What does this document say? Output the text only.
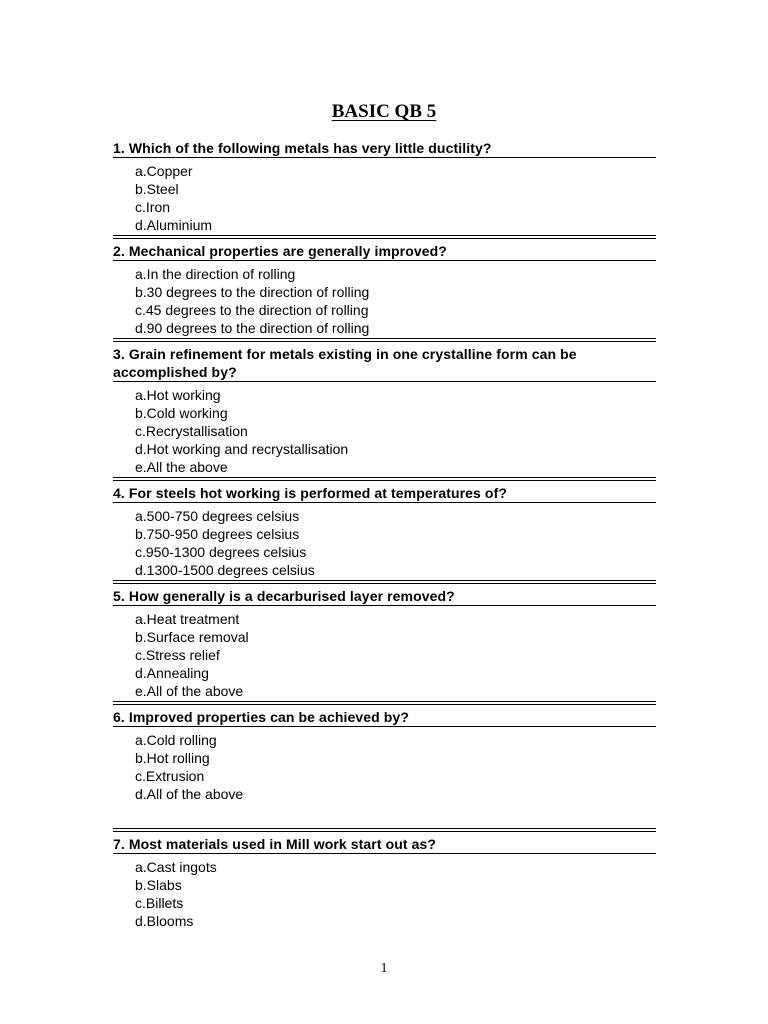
BASIC QB 5
1. Which of the following metals has very little ductility?
a.Copper
b.Steel
c.Iron
d.Aluminium
2. Mechanical properties are generally improved?
a.In the direction of rolling
b.30 degrees to the direction of rolling
c.45 degrees to the direction of rolling
d.90 degrees to the direction of rolling
3. Grain refinement for metals existing in one crystalline form can be accomplished by?
a.Hot working
b.Cold working
c.Recrystallisation
d.Hot working and recrystallisation
e.All the above
4. For steels hot working is performed at temperatures of?
a.500-750 degrees celsius
b.750-950 degrees celsius
c.950-1300 degrees celsius
d.1300-1500 degrees celsius
5. How generally is a decarburised layer removed?
a.Heat treatment
b.Surface removal
c.Stress relief
d.Annealing
e.All of the above
6. Improved properties can be achieved by?
a.Cold rolling
b.Hot rolling
c.Extrusion
d.All of the above
7. Most materials used in Mill work start out as?
a.Cast ingots
b.Slabs
c.Billets
d.Blooms
1
